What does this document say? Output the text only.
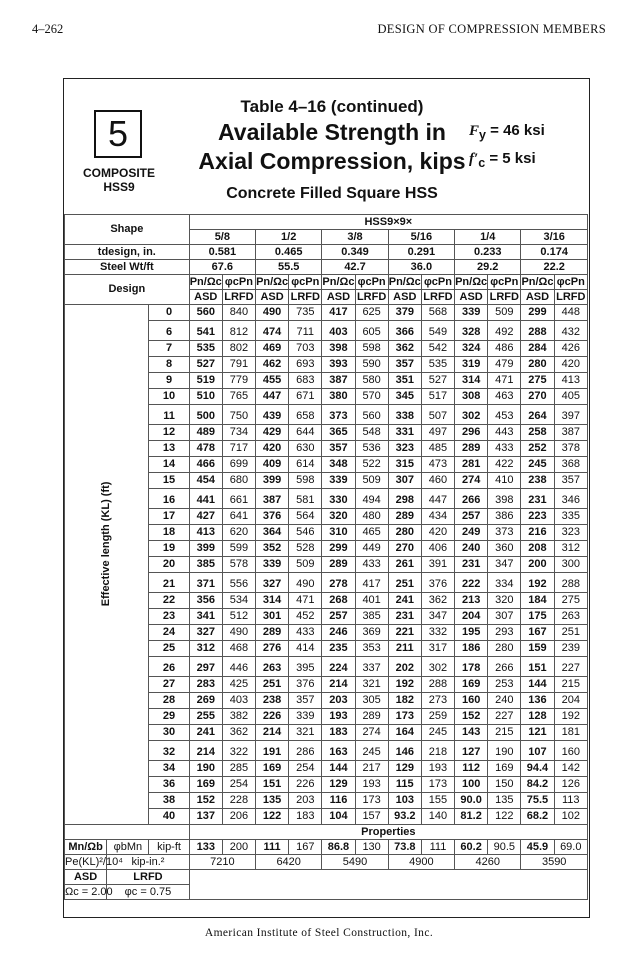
4–262	DESIGN OF COMPRESSION MEMBERS
5
COMPOSITE
HSS9
Table 4–16 (continued)
Available Strength in
Axial Compression, kips
Concrete Filled Square HSS
$F_y = 46$ ksi
$f'_c = 5$ ksi
Shape			HSS9×9×											
			5/8		1/2		3/8		5/16		1/4		3/16	
tdesign, in.			0.581		0.465		0.349		0.291		0.233		0.174	
Steel Wt/ft			67.6		55.5		42.7		36.0		29.2		22.2	
Design			Pn/Ωc	φcPn	Pn/Ωc	φcPn	Pn/Ωc	φcPn	Pn/Ωc	φcPn	Pn/Ωc	φcPn	Pn/Ωc	φcPn
			ASD	LRFD	ASD	LRFD	ASD	LRFD	ASD	LRFD	ASD	LRFD	ASD	LRFD

Effective length (KL) (ft)		0	560	840	490	735	417	625	379	568	339	509	299	448
		6	541	812	474	711	403	605	366	549	328	492	288	432
		7	535	802	469	703	398	598	362	542	324	486	284	426
		8	527	791	462	693	393	590	357	535	319	479	280	420
		9	519	779	455	683	387	580	351	527	314	471	275	413
		10	510	765	447	671	380	570	345	517	308	463	270	405
		11	500	750	439	658	373	560	338	507	302	453	264	397
		12	489	734	429	644	365	548	331	497	296	443	258	387
		13	478	717	420	630	357	536	323	485	289	433	252	378
		14	466	699	409	614	348	522	315	473	281	422	245	368
		15	454	680	399	598	339	509	307	460	274	410	238	357
		16	441	661	387	581	330	494	298	447	266	398	231	346
		17	427	641	376	564	320	480	289	434	257	386	223	335
		18	413	620	364	546	310	465	280	420	249	373	216	323
		19	399	599	352	528	299	449	270	406	240	360	208	312
		20	385	578	339	509	289	433	261	391	231	347	200	300
		21	371	556	327	490	278	417	251	376	222	334	192	288
		22	356	534	314	471	268	401	241	362	213	320	184	275
		23	341	512	301	452	257	385	231	347	204	307	175	263
		24	327	490	289	433	246	369	221	332	195	293	167	251
		25	312	468	276	414	235	353	211	317	186	280	159	239
		26	297	446	263	395	224	337	202	302	178	266	151	227
		27	283	425	251	376	214	321	192	288	169	253	144	215
		28	269	403	238	357	203	305	182	273	160	240	136	204
		29	255	382	226	339	193	289	173	259	152	227	128	192
		30	241	362	214	321	183	274	164	245	143	215	121	181
		32	214	322	191	286	163	245	146	218	127	190	107	160
		34	190	285	169	254	144	217	129	193	112	169	94.4	142
		36	169	254	151	226	129	193	115	173	100	150	84.2	126
		38	152	228	135	203	116	173	103	155	90.0	135	75.5	113
		40	137	206	122	183	104	157	93.2	140	81.2	122	68.2	102
			Properties											
Mn/Ωb	φbMn	kip-ft	133	200	111	167	86.8	130	73.8	111	60.2	90.5	45.9	69.0
Pe(KL)²/10⁴	kip-in.²		7210		6420		5490		4900		4260		3590	
ASD	LRFD													
Ωc = 2.00	φc = 0.75													
American Institute of Steel Construction, Inc.
